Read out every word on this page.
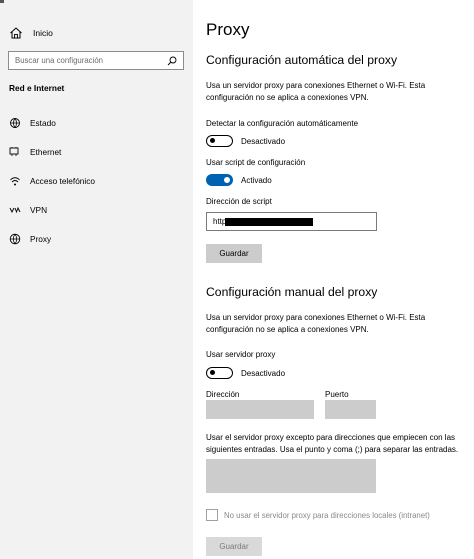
Inicio
Buscar una configuración
Red e Internet
Estado
Ethernet
Acceso telefónico
VPN
Proxy
Proxy
Configuración automática del proxy
Usa un servidor proxy para conexiones Ethernet o Wi-Fi. Esta configuración no se aplica a conexiones VPN.
Detectar la configuración automáticamente
Desactivado
Usar script de configuración
Activado
Dirección de script
http
Guardar
Configuración manual del proxy
Usa un servidor proxy para conexiones Ethernet o Wi-Fi. Esta configuración no se aplica a conexiones VPN.
Usar servidor proxy
Desactivado
Dirección	Puerto
Usar el servidor proxy excepto para direcciones que empiecen con las siguientes entradas. Usa el punto y coma (;) para separar las entradas.
No usar el servidor proxy para direcciones locales (intranet)
Guardar
